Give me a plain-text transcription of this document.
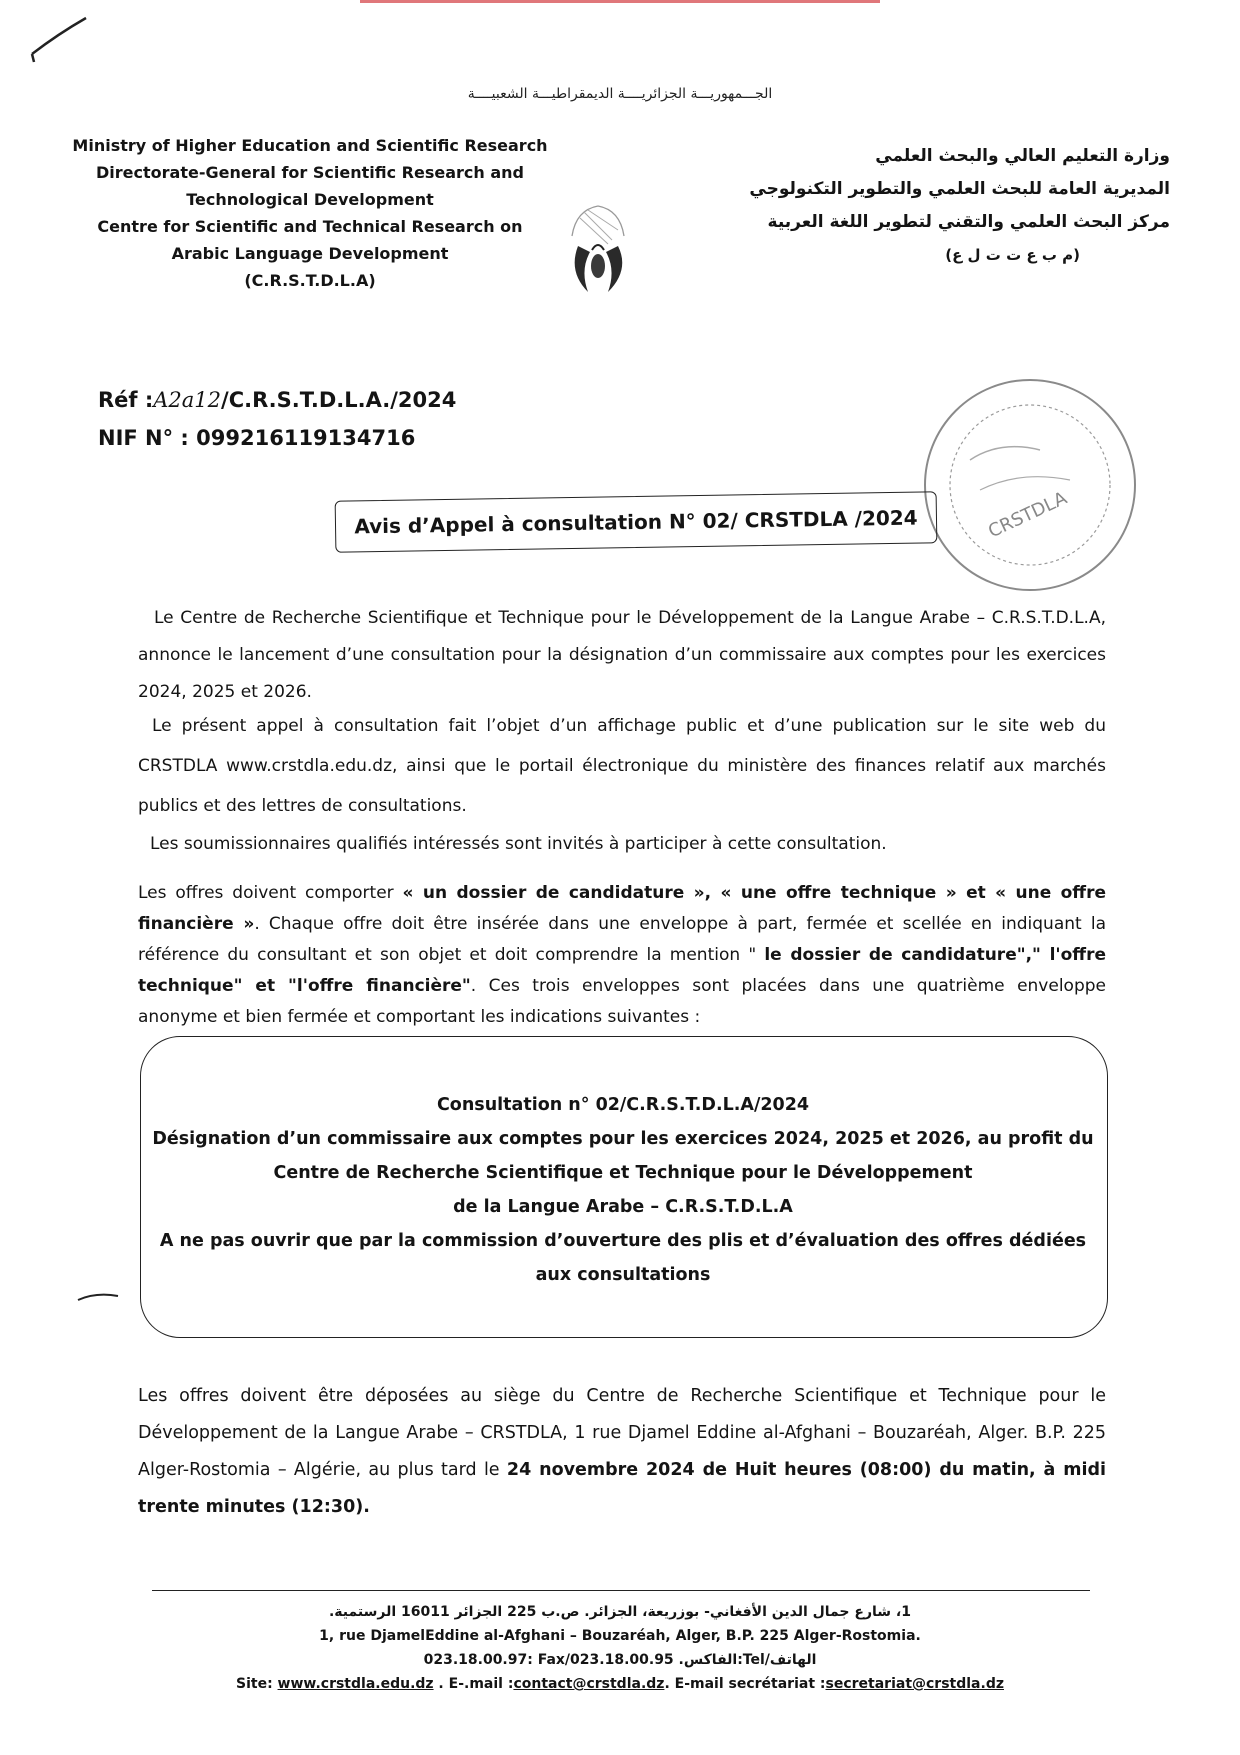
الجـــمهوريـــة الجزائريــــة الديمقراطيـــة الشعبيــــة
Ministry of Higher Education and Scientific Research
Directorate-General for Scientific Research and
Technological Development
Centre for Scientific and Technical Research on
Arabic Language Development
(C.R.S.T.D.L.A)
وزارة التعليم العالي والبحث العلمي
المديرية العامة للبحث العلمي والتطوير التكنولوجي
مركز البحث العلمي والتقني لتطوير اللغة العربية
(م ب ع ت ت ل ع)
Réf :A2a12/C.R.S.T.D.L.A./2024
NIF N° : 099216119134716
CRSTDLA
Avis d’Appel à consultation N° 02/ CRSTDLA /2024
Le Centre de Recherche Scientifique et Technique pour le Développement de la Langue Arabe – C.R.S.T.D.L.A, annonce le lancement d’une consultation pour la désignation d’un commissaire aux comptes pour les exercices 2024, 2025 et 2026.
Le présent appel à consultation fait l’objet d’un affichage public et d’une publication sur le site web du CRSTDLA www.crstdla.edu.dz, ainsi que le portail électronique du ministère des finances relatif aux marchés publics et des lettres de consultations.
Les soumissionnaires qualifiés intéressés sont invités à participer à cette consultation.
Les offres doivent comporter « un dossier de candidature », « une offre technique » et « une offre financière ». Chaque offre doit être insérée dans une enveloppe à part, fermée et scellée en indiquant la référence du consultant et son objet et doit comprendre la mention " le dossier de candidature"," l'offre technique" et "l'offre financière". Ces trois enveloppes sont placées dans une quatrième enveloppe anonyme et bien fermée et comportant les indications suivantes :
Consultation n° 02/C.R.S.T.D.L.A/2024
Désignation d’un commissaire aux comptes pour les exercices 2024, 2025 et 2026, au profit du
Centre de Recherche Scientifique et Technique pour le Développement
de la Langue Arabe – C.R.S.T.D.L.A
A ne pas ouvrir que par la commission d’ouverture des plis et d’évaluation des offres dédiées
aux consultations
Les offres doivent être déposées au siège du Centre de Recherche Scientifique et Technique pour le Développement de la Langue Arabe – CRSTDLA, 1 rue Djamel Eddine al-Afghani – Bouzaréah, Alger. B.P. 225 Alger-Rostomia – Algérie, au plus tard le 24 novembre 2024 de Huit heures (08:00) du matin, à midi trente minutes (12:30).
1، شارع جمال الدين الأفغاني- بوزريعة، الجزائر. ص.ب 225 الجزائر 16011 الرستمية.
1, rue DjamelEddine al-Afghani – Bouzaréah, Alger, B.P. 225 Alger-Rostomia.
023.18.00.97: Fax/الفاكس. 023.18.00.95:Tel/الهاتف
Site: www.crstdla.edu.dz . E-.mail :contact@crstdla.dz. E-mail secrétariat :secretariat@crstdla.dz
